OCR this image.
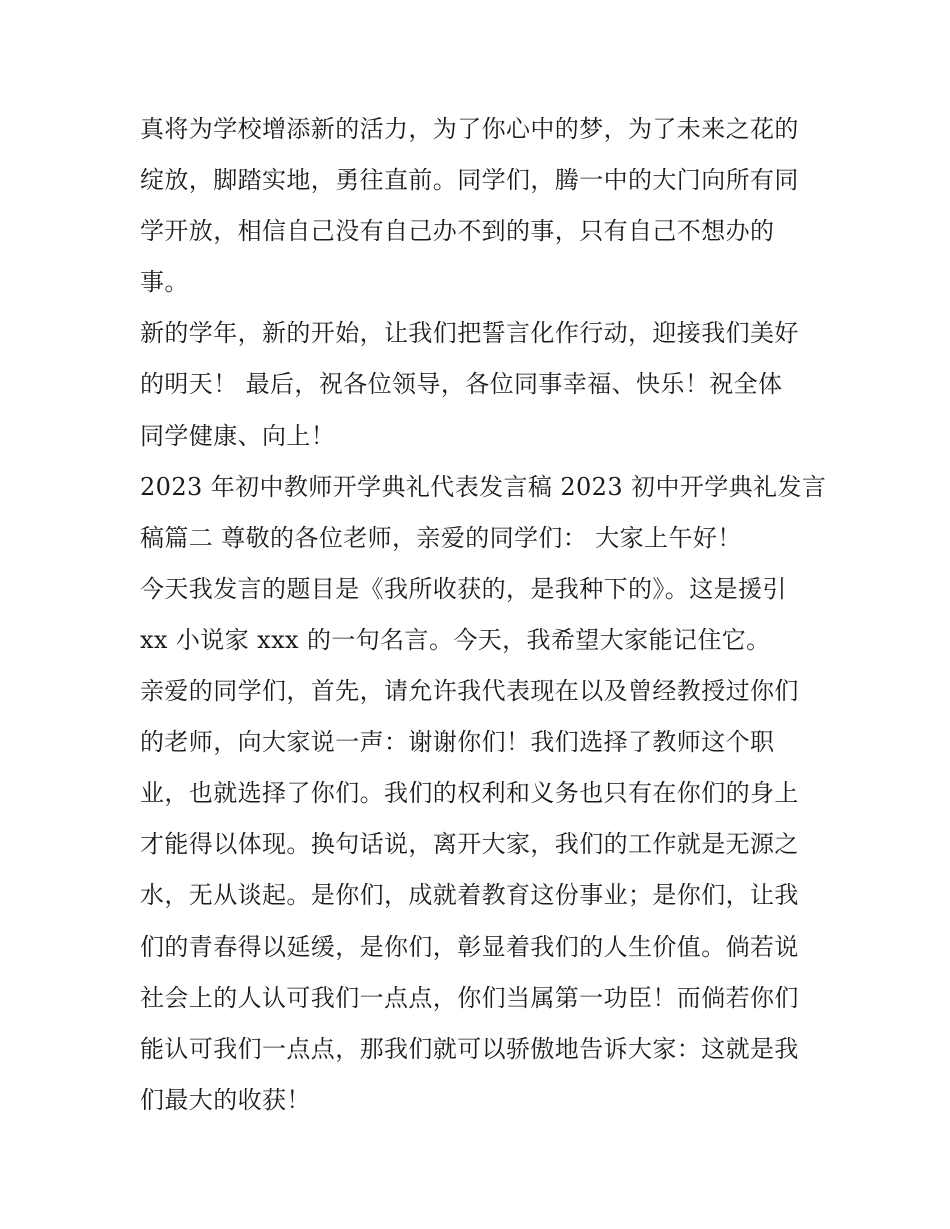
真将为学校增添新的活力，为了你心中的梦，为了未来之花的
绽放，脚踏实地，勇往直前。同学们，腾一中的大门向所有同
学开放，相信自己没有自己办不到的事，只有自己不想办的
事。
新的学年，新的开始，让我们把誓言化作行动，迎接我们美好
的明天！ 最后，祝各位领导，各位同事幸福、快乐！祝全体
同学健康、向上！
2023 年初中教师开学典礼代表发言稿 2023 初中开学典礼发言
稿篇二 尊敬的各位老师，亲爱的同学们： 大家上午好！
今天我发言的题目是《我所收获的，是我种下的》。这是援引
xx 小说家 xxx 的一句名言。今天，我希望大家能记住它。
亲爱的同学们，首先，请允许我代表现在以及曾经教授过你们
的老师，向大家说一声：谢谢你们！我们选择了教师这个职
业，也就选择了你们。我们的权利和义务也只有在你们的身上
才能得以体现。换句话说，离开大家，我们的工作就是无源之
水，无从谈起。是你们，成就着教育这份事业；是你们，让我
们的青春得以延缓，是你们，彰显着我们的人生价值。倘若说
社会上的人认可我们一点点，你们当属第一功臣！而倘若你们
能认可我们一点点，那我们就可以骄傲地告诉大家：这就是我
们最大的收获！
